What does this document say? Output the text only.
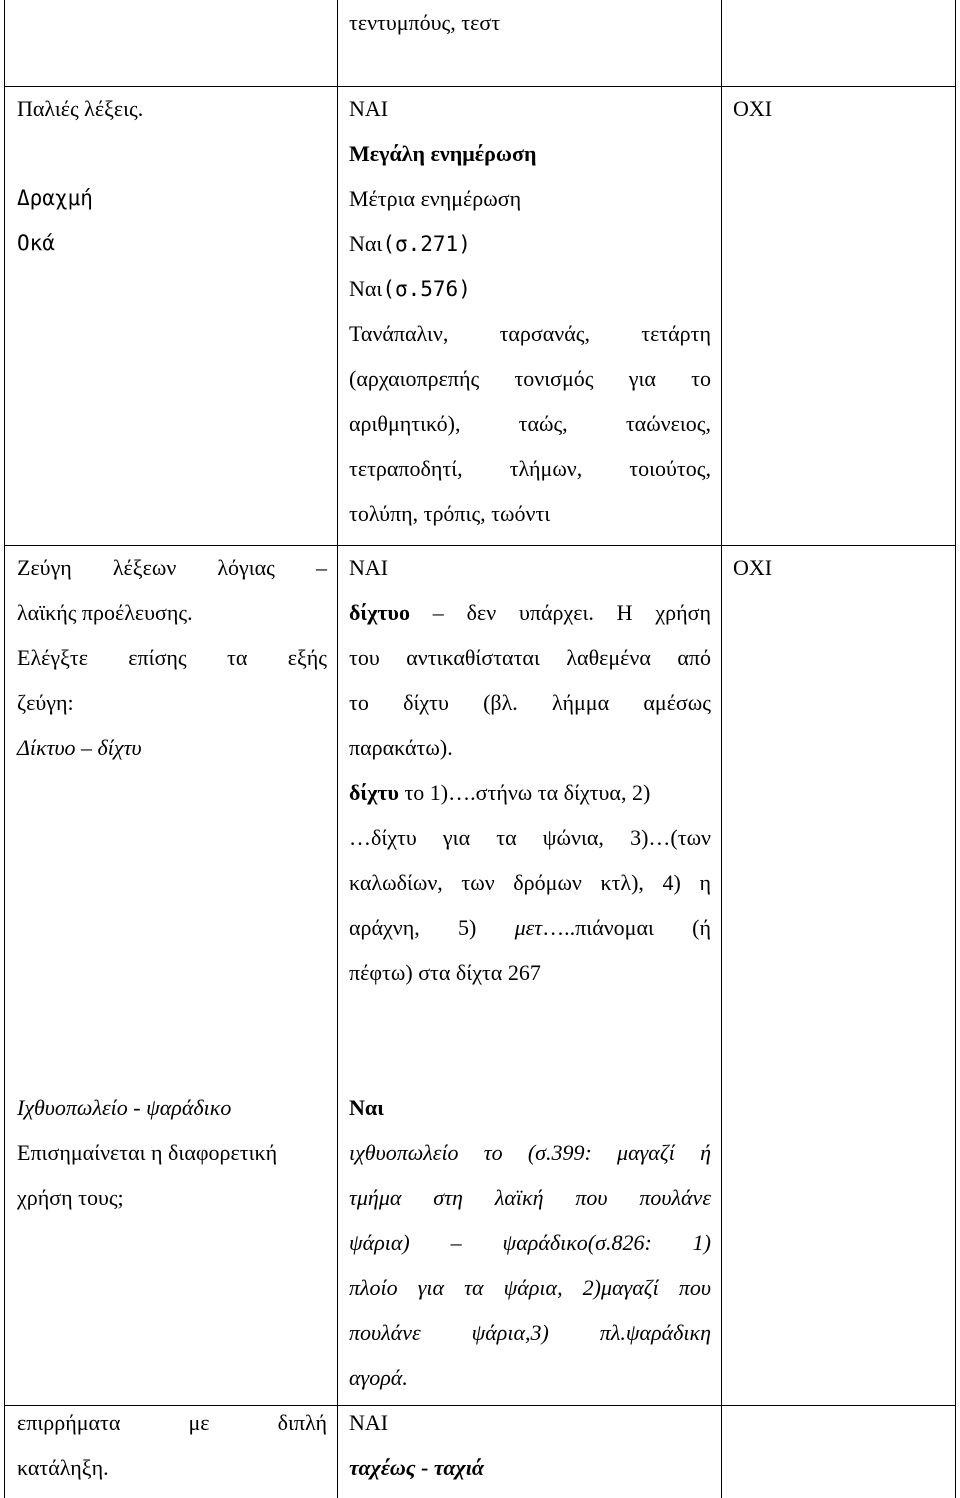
τεντυμπόυς, τεστ
Παλιές λέξεις.
Δραχμή
Οκά
ΝΑΙ
Μεγάλη ενημέρωση
Μέτρια ενημέρωση
Ναι(σ.271)
Ναι(σ.576)
Τανάπαλιν, ταρσανάς, τετάρτη
(αρχαιοπρεπής τονισμός για το
αριθμητικό), ταώς, ταώνειος,
τετραποδητί, τλήμων, τοιούτος,
τολύπη, τρόπις, τωόντι
ΟΧΙ
Ζεύγη λέξεων λόγιας –
λαϊκής προέλευσης.
Ελέγξτε επίσης τα εξής
ζεύγη:
Δίκτυο – δίχτυ
ΝΑΙ
δίχτυο – δεν υπάρχει. Η χρήση
του αντικαθίσταται λαθεμένα από
το δίχτυ (βλ. λήμμα αμέσως
παρακάτω).
δίχτυ το 1)….στήνω τα δίχτυα, 2)
…δίχτυ για τα ψώνια, 3)…(των
καλωδίων, των δρόμων κτλ), 4) η
αράχνη, 5) μετ…..πιάνομαι (ή
πέφτω) στα δίχτα 267
ΟΧΙ
Ιχθυοπωλείο - ψαράδικο
Επισημαίνεται η διαφορετική
χρήση τους;
Ναι
ιχθυοπωλείο το (σ.399: μαγαζί ή
τμήμα στη λαϊκή που πουλάνε
ψάρια) – ψαράδικο(σ.826: 1)
πλοίο για τα ψάρια, 2)μαγαζί που
πουλάνε ψάρια,3) πλ.ψαράδικη
αγορά.
επιρρήματα με διπλή
κατάληξη.
ΝΑΙ
ταχέως - ταχιά
